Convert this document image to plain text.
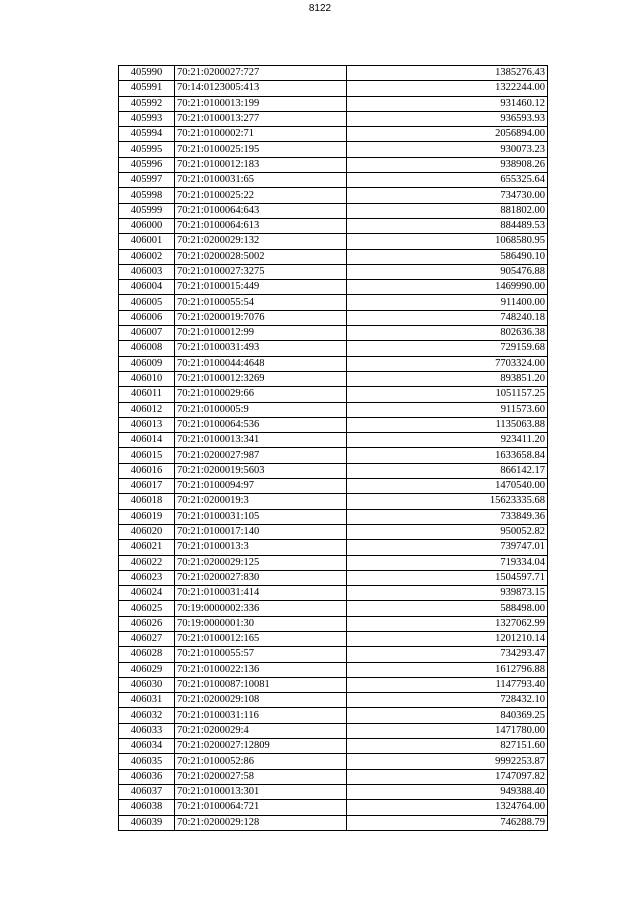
8122
405990	70:21:0200027:727	1385276.43
405991	70:14:0123005:413	1322244.00
405992	70:21:0100013:199	931460.12
405993	70:21:0100013:277	936593.93
405994	70:21:0100002:71	2056894.00
405995	70:21:0100025:195	930073.23
405996	70:21:0100012:183	938908.26
405997	70:21:0100031:65	655325.64
405998	70:21:0100025:22	734730.00
405999	70:21:0100064:643	881802.00
406000	70:21:0100064:613	884489.53
406001	70:21:0200029:132	1068580.95
406002	70:21:0200028:5002	586490.10
406003	70:21:0100027:3275	905476.88
406004	70:21:0100015:449	1469990.00
406005	70:21:0100055:54	911400.00
406006	70:21:0200019:7076	748240.18
406007	70:21:0100012:99	802636.38
406008	70:21:0100031:493	729159.68
406009	70:21:0100044:4648	7703324.00
406010	70:21:0100012:3269	893851.20
406011	70:21:0100029:66	1051157.25
406012	70:21:0100005:9	911573.60
406013	70:21:0100064:536	1135063.88
406014	70:21:0100013:341	923411.20
406015	70:21:0200027:987	1633658.84
406016	70:21:0200019:5603	866142.17
406017	70:21:0100094:97	1470540.00
406018	70:21:0200019:3	15623335.68
406019	70:21:0100031:105	733849.36
406020	70:21:0100017:140	950052.82
406021	70:21:0100013:3	739747.01
406022	70:21:0200029:125	719334.04
406023	70:21:0200027:830	1504597.71
406024	70:21:0100031:414	939873.15
406025	70:19:0000002:336	588498.00
406026	70:19:0000001:30	1327062.99
406027	70:21:0100012:165	1201210.14
406028	70:21:0100055:57	734293.47
406029	70:21:0100022:136	1612796.88
406030	70:21:0100087:10081	1147793.40
406031	70:21:0200029:108	728432.10
406032	70:21:0100031:116	840369.25
406033	70:21:0200029:4	1471780.00
406034	70:21:0200027:12809	827151.60
406035	70:21:0100052:86	9992253.87
406036	70:21:0200027:58	1747097.82
406037	70:21:0100013:301	949388.40
406038	70:21:0100064:721	1324764.00
406039	70:21:0200029:128	746288.79
